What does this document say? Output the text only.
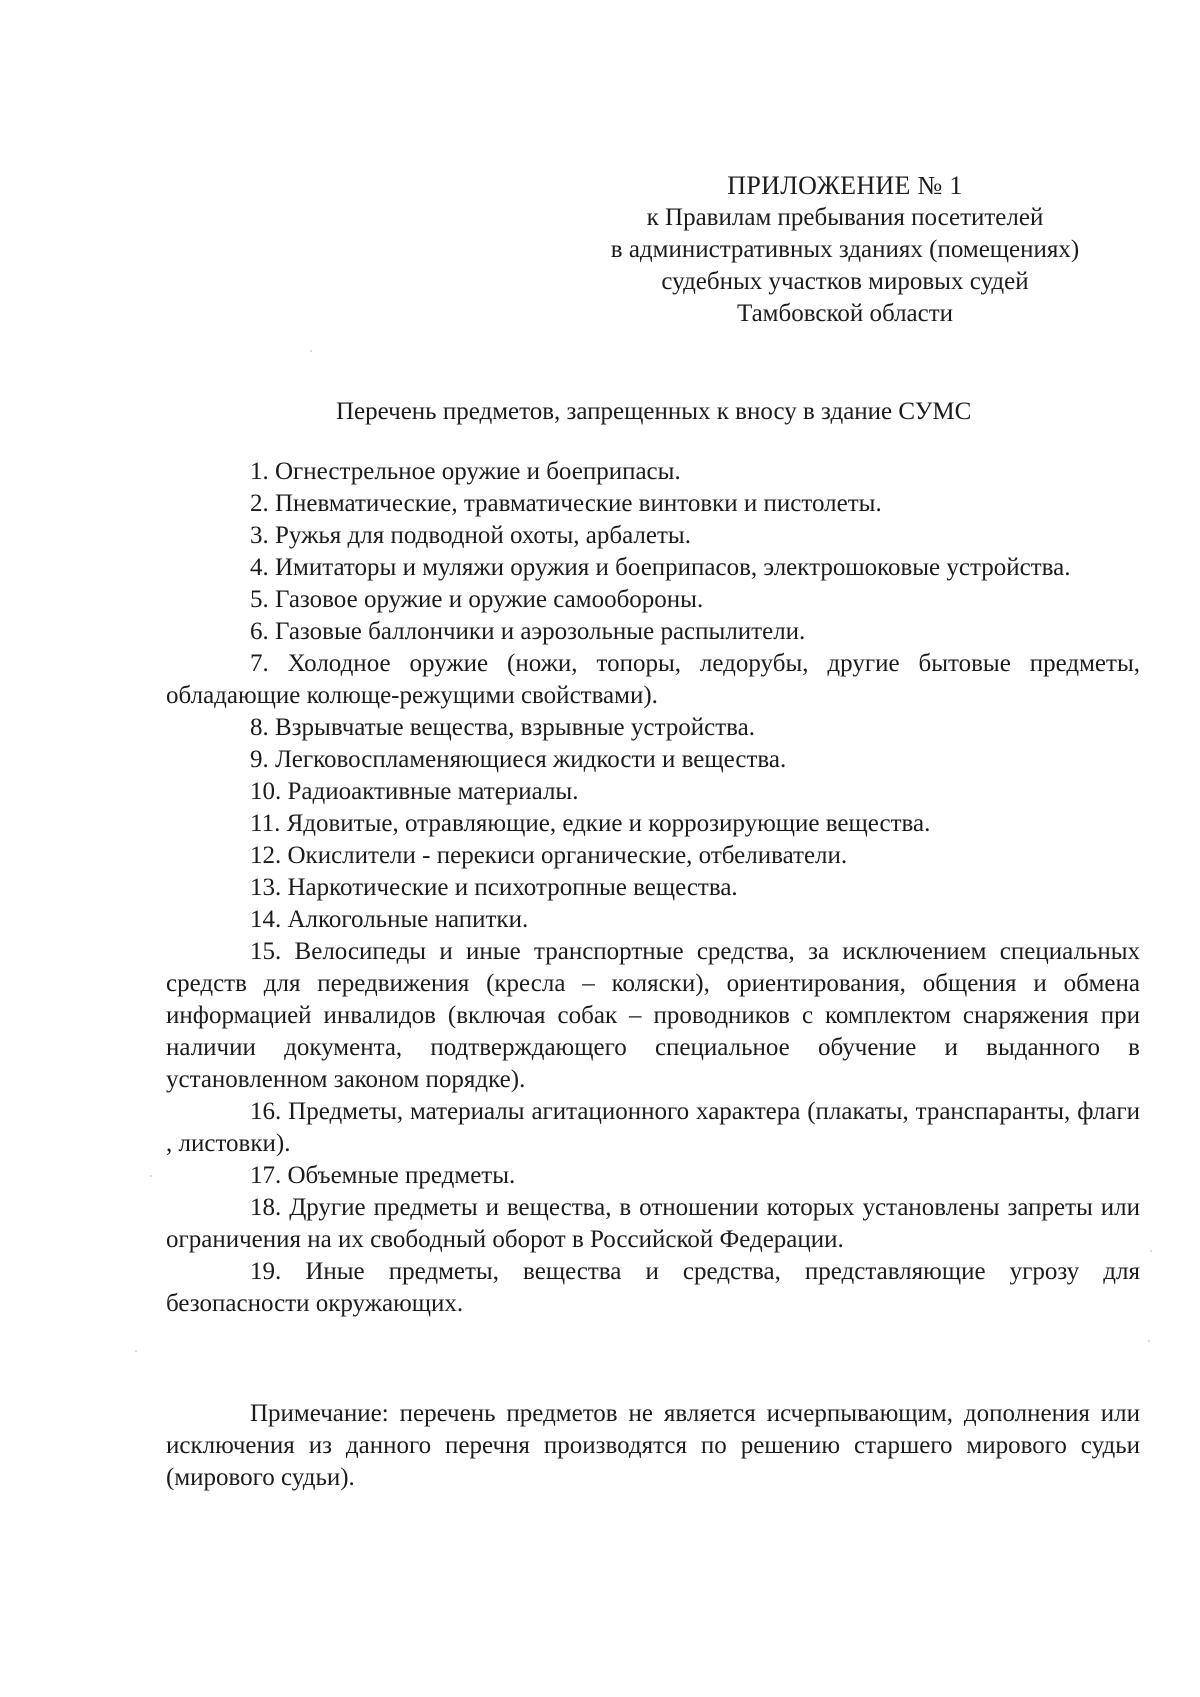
ПРИЛОЖЕНИЕ № 1
к Правилам пребывания посетителей
в административных зданиях (помещениях)
судебных участков мировых судей
Тамбовской области
Перечень предметов, запрещенных к вносу в здание СУМС

1. Огнестрельное оружие и боеприпасы.

2. Пневматические, травматические винтовки и пистолеты.

3. Ружья для подводной охоты, арбалеты.

4. Имитаторы и муляжи оружия и боеприпасов, электрошоковые устройства.

5. Газовое оружие и оружие самообороны.

6. Газовые баллончики и аэрозольные распылители.

7. Холодное оружие (ножи, топоры, ледорубы, другие бытовые предметы, обладающие колюще-режущими свойствами).

8. Взрывчатые вещества, взрывные устройства.

9. Легковоспламеняющиеся жидкости и вещества.

10. Радиоактивные материалы.

11. Ядовитые, отравляющие, едкие и коррозирующие вещества.

12. Окислители - перекиси органические, отбеливатели.

13. Наркотические и психотропные вещества.

14. Алкогольные напитки.

15. Велосипеды и иные транспортные средства, за исключением специальных средств для передвижения (кресла – коляски), ориентирования, общения и обмена информацией инвалидов (включая собак – проводников с комплектом снаряжения при наличии документа, подтверждающего специальное обучение и выданного в установленном законом порядке).

16. Предметы, материалы агитационного характера (плакаты, транспаранты, флаги , листовки).

17. Объемные предметы.

18. Другие предметы и вещества, в отношении которых установлены запреты или ограничения на их свободный оборот в Российской Федерации.

19. Иные предметы, вещества и средства, представляющие угрозу для безопасности окружающих.

Примечание: перечень предметов не является исчерпывающим, дополнения или исключения из данного перечня производятся по решению старшего мирового судьи (мирового судьи).
